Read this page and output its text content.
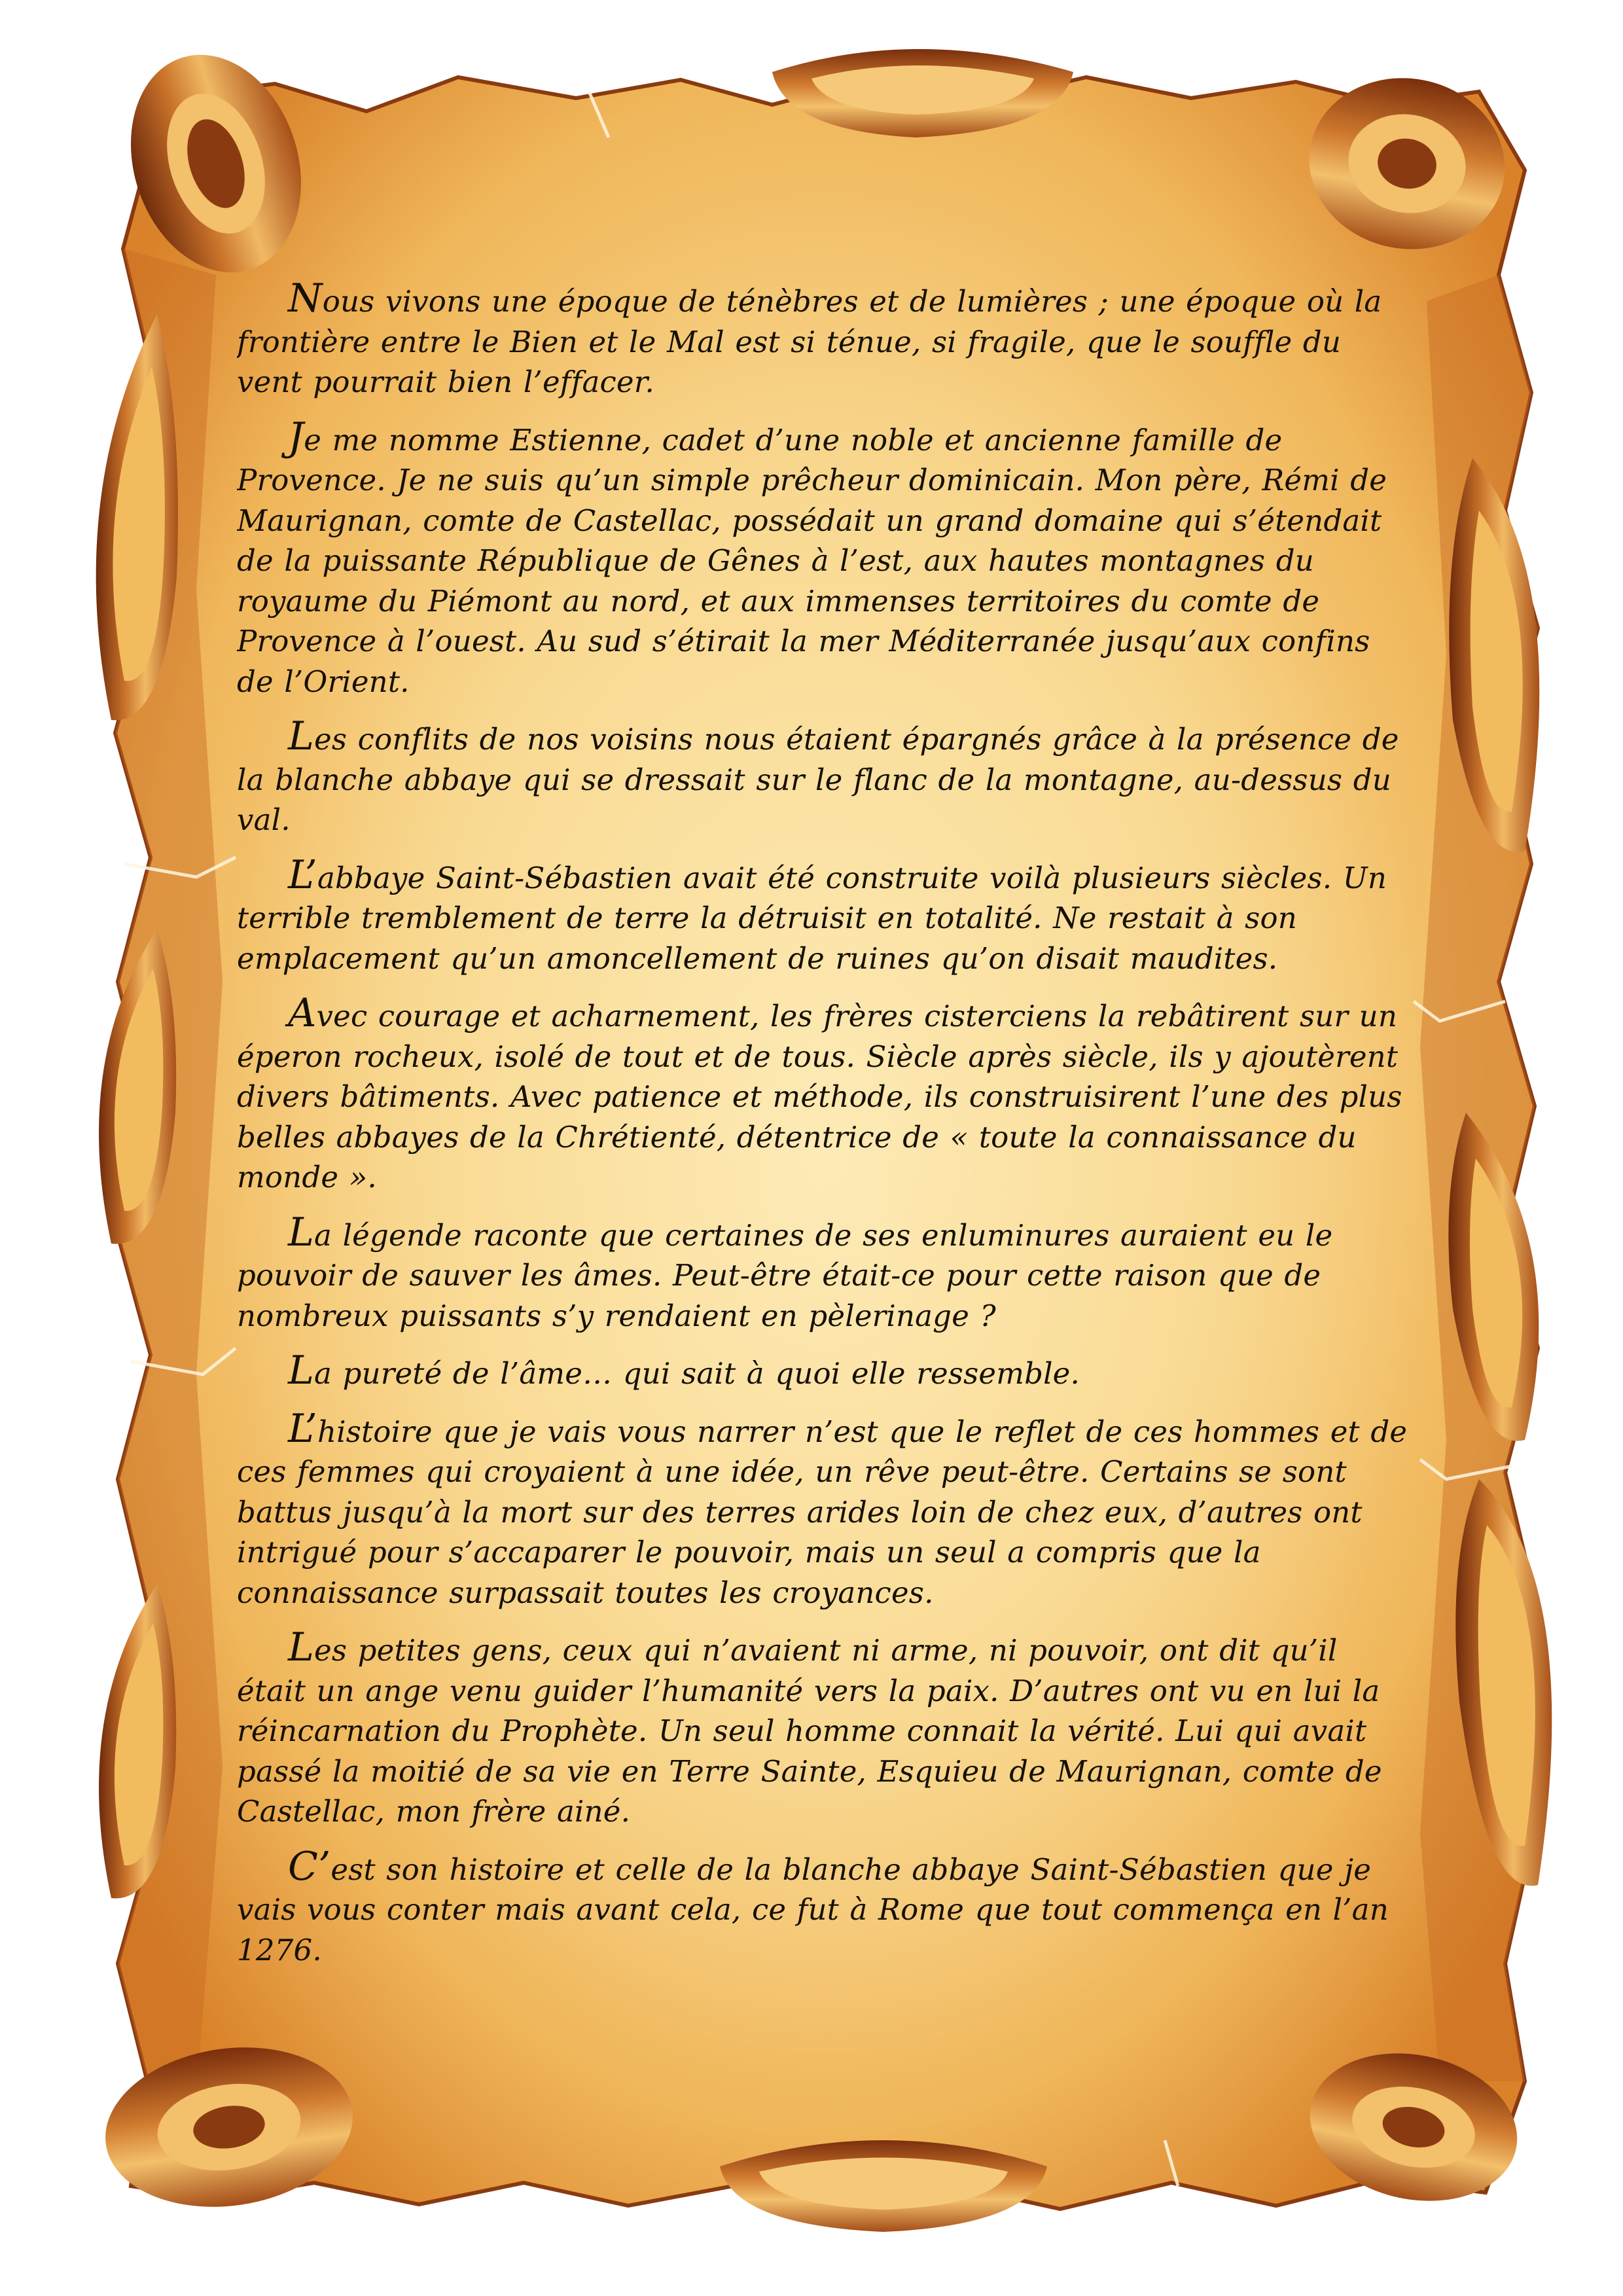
Nous vivons une époque de ténèbres et de lumières ; une époque où la frontière entre le Bien et le Mal est si ténue, si fragile, que le souffle du vent pourrait bien l’effacer.

Je me nomme Estienne, cadet d’une noble et ancienne famille de Provence. Je ne suis qu’un simple prêcheur dominicain. Mon père, Rémi de Maurignan, comte de Castellac, possédait un grand domaine qui s’étendait de la puissante République de Gênes à l’est, aux hautes montagnes du royaume du Piémont au nord, et aux immenses territoires du comte de Provence à l’ouest. Au sud s’étirait la mer Méditerranée jusqu’aux confins de l’Orient.

Les conflits de nos voisins nous étaient épargnés grâce à la présence de la blanche abbaye qui se dressait sur le flanc de la montagne, au-dessus du val.

L’abbaye Saint-Sébastien avait été construite voilà plusieurs siècles. Un terrible tremblement de terre la détruisit en totalité. Ne restait à son emplacement qu’un amoncellement de ruines qu’on disait maudites.

Avec courage et acharnement, les frères cisterciens la rebâtirent sur un éperon rocheux, isolé de tout et de tous. Siècle après siècle, ils y ajoutèrent divers bâtiments. Avec patience et méthode, ils construisirent l’une des plus belles abbayes de la Chrétienté, détentrice de « toute la connaissance du monde ».

La légende raconte que certaines de ses enluminures auraient eu le pouvoir de sauver les âmes. Peut-être était-ce pour cette raison que de nombreux puissants s’y rendaient en pèlerinage ?

La pureté de l’âme… qui sait à quoi elle ressemble.

L’histoire que je vais vous narrer n’est que le reflet de ces hommes et de ces femmes qui croyaient à une idée, un rêve peut-être. Certains se sont battus jusqu’à la mort sur des terres arides loin de chez eux, d’autres ont intrigué pour s’accaparer le pouvoir, mais un seul a compris que la connaissance surpassait toutes les croyances.

Les petites gens, ceux qui n’avaient ni arme, ni pouvoir, ont dit qu’il était un ange venu guider l’humanité vers la paix. D’autres ont vu en lui la réincarnation du Prophète. Un seul homme connait la vérité. Lui qui avait passé la moitié de sa vie en Terre Sainte, Esquieu de Maurignan, comte de Castellac, mon frère ainé.

C’est son histoire et celle de la blanche abbaye Saint-Sébastien que je vais vous conter mais avant cela, ce fut à Rome que tout commença en l’an 1276.
